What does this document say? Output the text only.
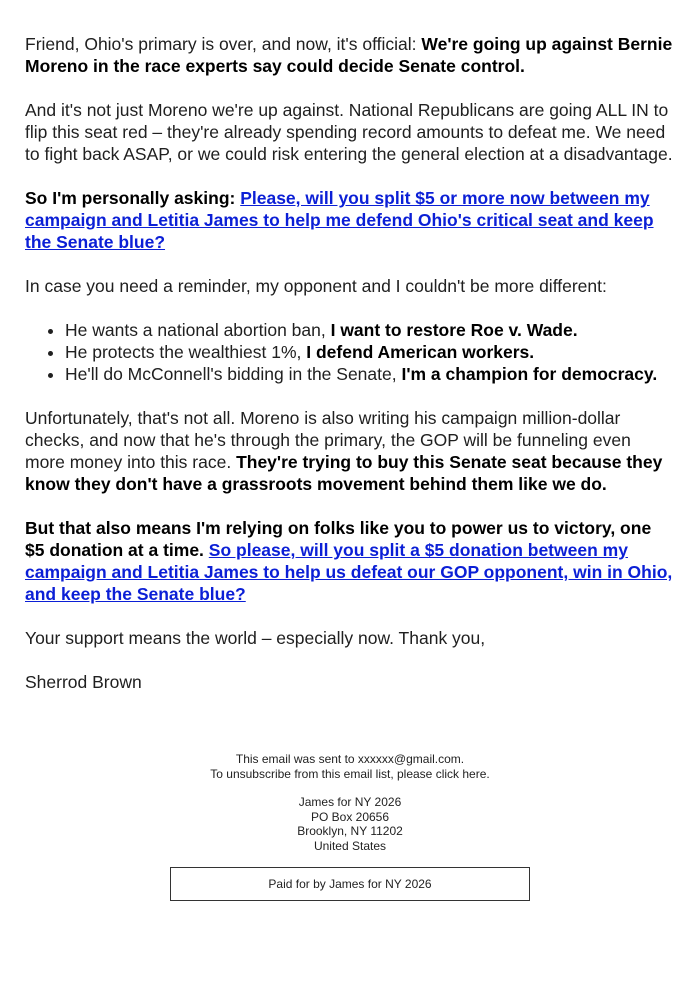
Friend, Ohio's primary is over, and now, it's official: We're going up against Bernie Moreno in the race experts say could decide Senate control.

And it's not just Moreno we're up against. National Republicans are going ALL IN to flip this seat red – they're already spending record amounts to defeat me. We need to fight back ASAP, or we could risk entering the general election at a disadvantage.

So I'm personally asking: Please, will you split $5 or more now between my campaign and Letitia James to help me defend Ohio's critical seat and keep the Senate blue?

In case you need a reminder, my opponent and I couldn't be more different:

• He wants a national abortion ban, I want to restore Roe v. Wade.
• He protects the wealthiest 1%, I defend American workers.
• He'll do McConnell's bidding in the Senate, I'm a champion for democracy.

Unfortunately, that's not all. Moreno is also writing his campaign million-dollar checks, and now that he's through the primary, the GOP will be funneling even more money into this race. They're trying to buy this Senate seat because they know they don't have a grassroots movement behind them like we do.

But that also means I'm relying on folks like you to power us to victory, one $5 donation at a time. So please, will you split a $5 donation between my campaign and Letitia James to help us defeat our GOP opponent, win in Ohio, and keep the Senate blue?

Your support means the world – especially now. Thank you,

Sherrod Brown

This email was sent to xxxxxx@gmail.com.
To unsubscribe from this email list, please click here.
James for NY 2026
PO Box 20656
Brooklyn, NY 11202
United States
Paid for by James for NY 2026
